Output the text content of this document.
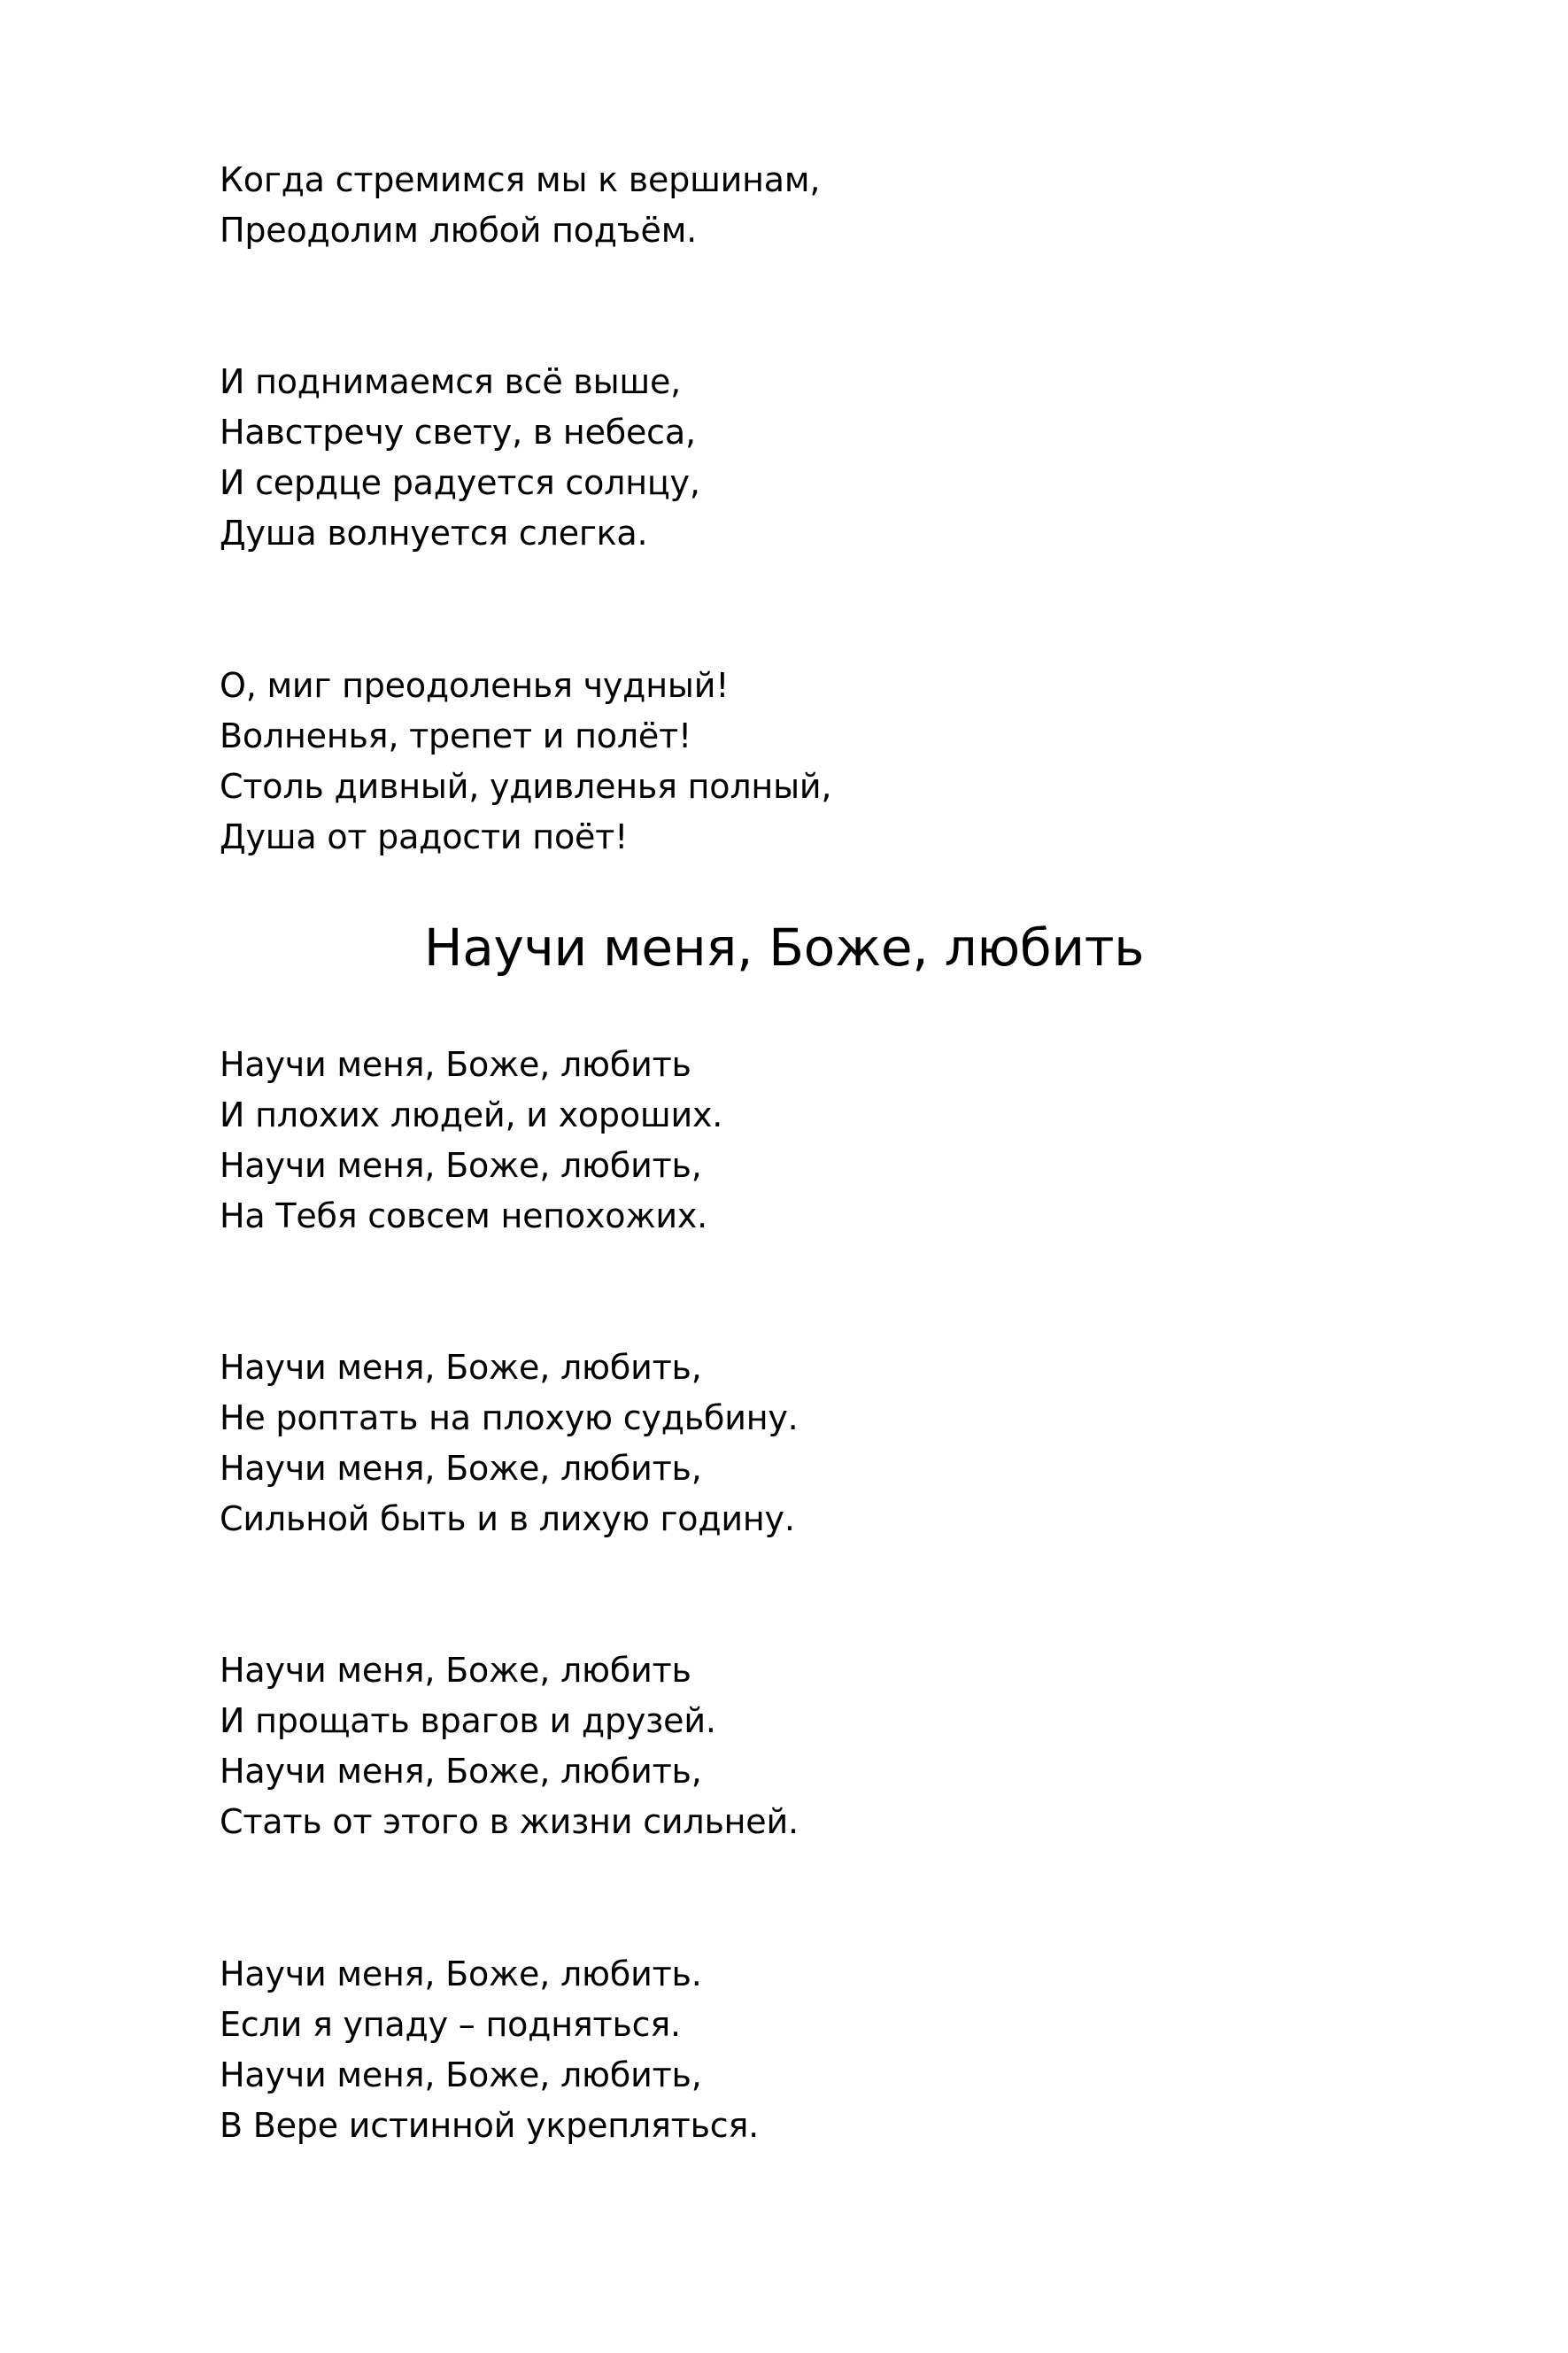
Когда стремимся мы к вершинам,
Преодолим любой подъём.
И поднимаемся всё выше,
Навстречу свету, в небеса,
И сердце радуется солнцу,
Душа волнуется слегка.
О, миг преодоленья чудный!
Волненья, трепет и полёт!
Столь дивный, удивленья полный,
Душа от радости поёт!
Научи меня, Боже, любить
Научи меня, Боже, любить
И плохих людей, и хороших.
Научи меня, Боже, любить,
На Тебя совсем непохожих.
Научи меня, Боже, любить,
Не роптать на плохую судьбину.
Научи меня, Боже, любить,
Сильной быть и в лихую годину.
Научи меня, Боже, любить
И прощать врагов и друзей.
Научи меня, Боже, любить,
Стать от этого в жизни сильней.
Научи меня, Боже, любить.
Если я упаду – подняться.
Научи меня, Боже, любить,
В Вере истинной укрепляться.
